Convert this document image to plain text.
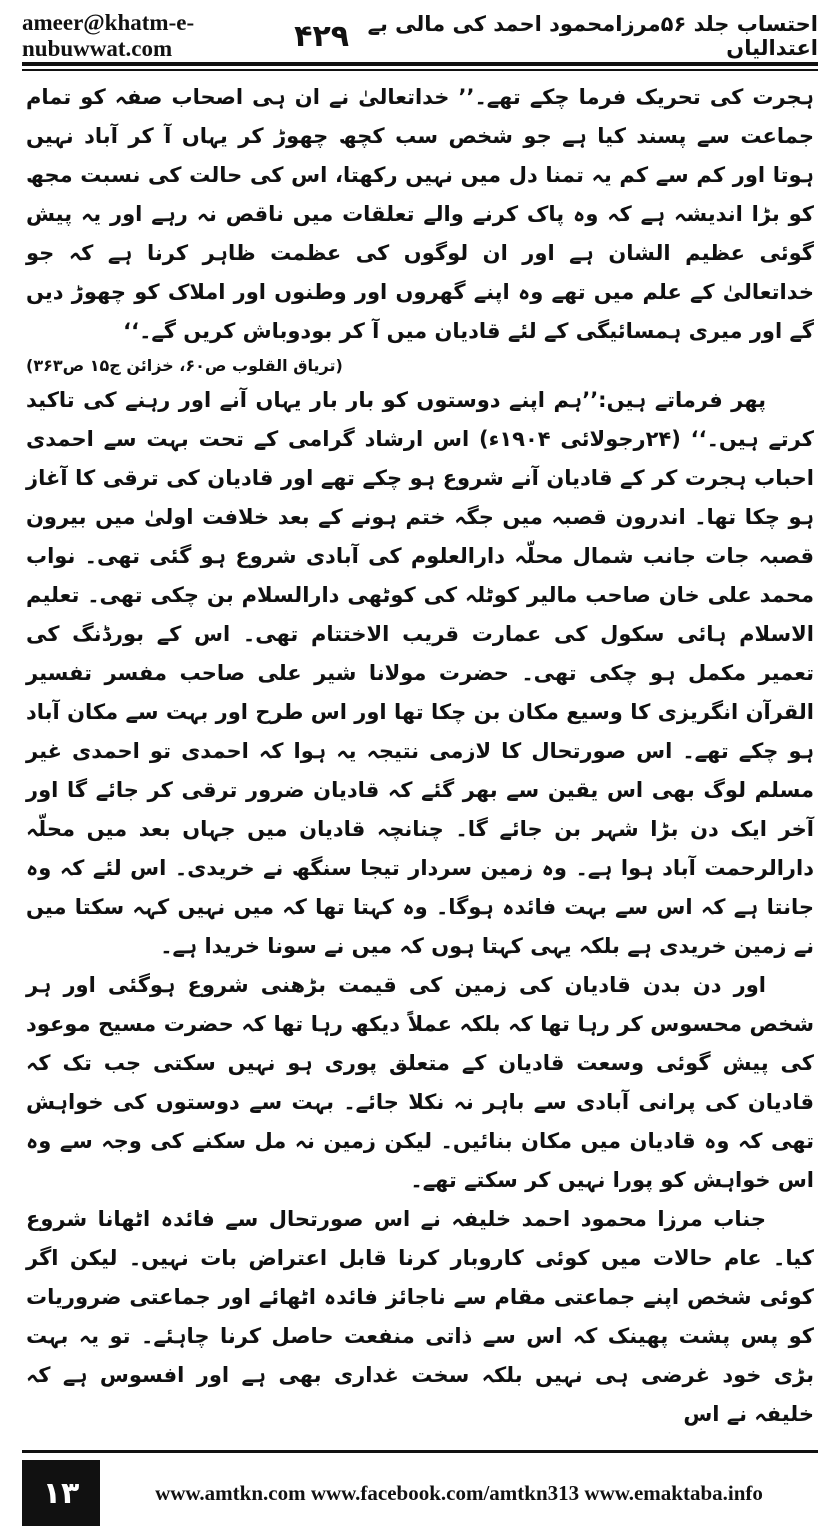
ameer@khatm-e-nubuwwat.com
احتساب جلد ۵۶مرزامحمود احمد کی مالی بے اعتدالیاں
۴۲۹

ہجرت کی تحریک فرما چکے تھے۔’’ خداتعالیٰ نے ان ہی اصحاب صفہ کو تمام جماعت سے پسند کیا ہے جو شخص سب کچھ چھوڑ کر یہاں آ کر آباد نہیں ہوتا اور کم سے کم یہ تمنا دل میں نہیں رکھتا، اس کی حالت کی نسبت مجھ کو بڑا اندیشہ ہے کہ وہ پاک کرنے والے تعلقات میں ناقص نہ رہے اور یہ پیش گوئی عظیم الشان ہے اور ان لوگوں کی عظمت ظاہر کرنا ہے کہ جو خداتعالیٰ کے علم میں تھے وہ اپنے گھروں اور وطنوں اور املاک کو چھوڑ دیں گے اور میری ہمسائیگی کے لئے قادیان میں آ کر بودوباش کریں گے۔‘‘

(تریاق القلوب ص۶۰، خزائن ج۱۵ ص۳۶۳)

پھر فرماتے ہیں:’’ہم اپنے دوستوں کو بار بار یہاں آنے اور رہنے کی تاکید کرتے ہیں۔‘‘ (۲۴رجولائی ۱۹۰۴ء) اس ارشاد گرامی کے تحت بہت سے احمدی احباب ہجرت کر کے قادیان آنے شروع ہو چکے تھے اور قادیان کی ترقی کا آغاز ہو چکا تھا۔ اندرون قصبہ میں جگہ ختم ہونے کے بعد خلافت اولیٰ میں بیرون قصبہ جات جانب شمال محلّہ دارالعلوم کی آبادی شروع ہو گئی تھی۔ نواب محمد علی خان صاحب مالیر کوٹلہ کی کوٹھی دارالسلام بن چکی تھی۔ تعلیم الاسلام ہائی سکول کی عمارت قریب الاختتام تھی۔ اس کے بورڈنگ کی تعمیر مکمل ہو چکی تھی۔ حضرت مولانا شیر علی صاحب مفسر تفسیر القرآن انگریزی کا وسیع مکان بن چکا تھا اور اس طرح اور بہت سے مکان آباد ہو چکے تھے۔ اس صورتحال کا لازمی نتیجہ یہ ہوا کہ احمدی تو احمدی غیر مسلم لوگ بھی اس یقین سے بھر گئے کہ قادیان ضرور ترقی کر جائے گا اور آخر ایک دن بڑا شہر بن جائے گا۔ چنانچہ قادیان میں جہاں بعد میں محلّہ دارالرحمت آباد ہوا ہے۔ وہ زمین سردار تیجا سنگھ نے خریدی۔ اس لئے کہ وہ جانتا ہے کہ اس سے بہت فائدہ ہوگا۔ وہ کہتا تھا کہ میں نہیں کہہ سکتا میں نے زمین خریدی ہے بلکہ یہی کہتا ہوں کہ میں نے سونا خریدا ہے۔

اور دن بدن قادیان کی زمین کی قیمت بڑھنی شروع ہوگئی اور ہر شخص محسوس کر رہا تھا کہ بلکہ عملاً دیکھ رہا تھا کہ حضرت مسیح موعود کی پیش گوئی وسعت قادیان کے متعلق پوری ہو نہیں سکتی جب تک کہ قادیان کی پرانی آبادی سے باہر نہ نکلا جائے۔ بہت سے دوستوں کی خواہش تھی کہ وہ قادیان میں مکان بنائیں۔ لیکن زمین نہ مل سکنے کی وجہ سے وہ اس خواہش کو پورا نہیں کر سکتے تھے۔

جناب مرزا محمود احمد خلیفہ نے اس صورتحال سے فائدہ اٹھانا شروع کیا۔ عام حالات میں کوئی کاروبار کرنا قابل اعتراض بات نہیں۔ لیکن اگر کوئی شخص اپنے جماعتی مقام سے ناجائز فائدہ اٹھائے اور جماعتی ضروریات کو پس پشت پھینک کہ اس سے ذاتی منفعت حاصل کرنا چاہئے۔ تو یہ بہت بڑی خود غرضی ہی نہیں بلکہ سخت غداری بھی ہے اور افسوس ہے کہ خلیفہ نے اس

۱۳	www.amtkn.com www.facebook.com/amtkn313 www.emaktaba.info
